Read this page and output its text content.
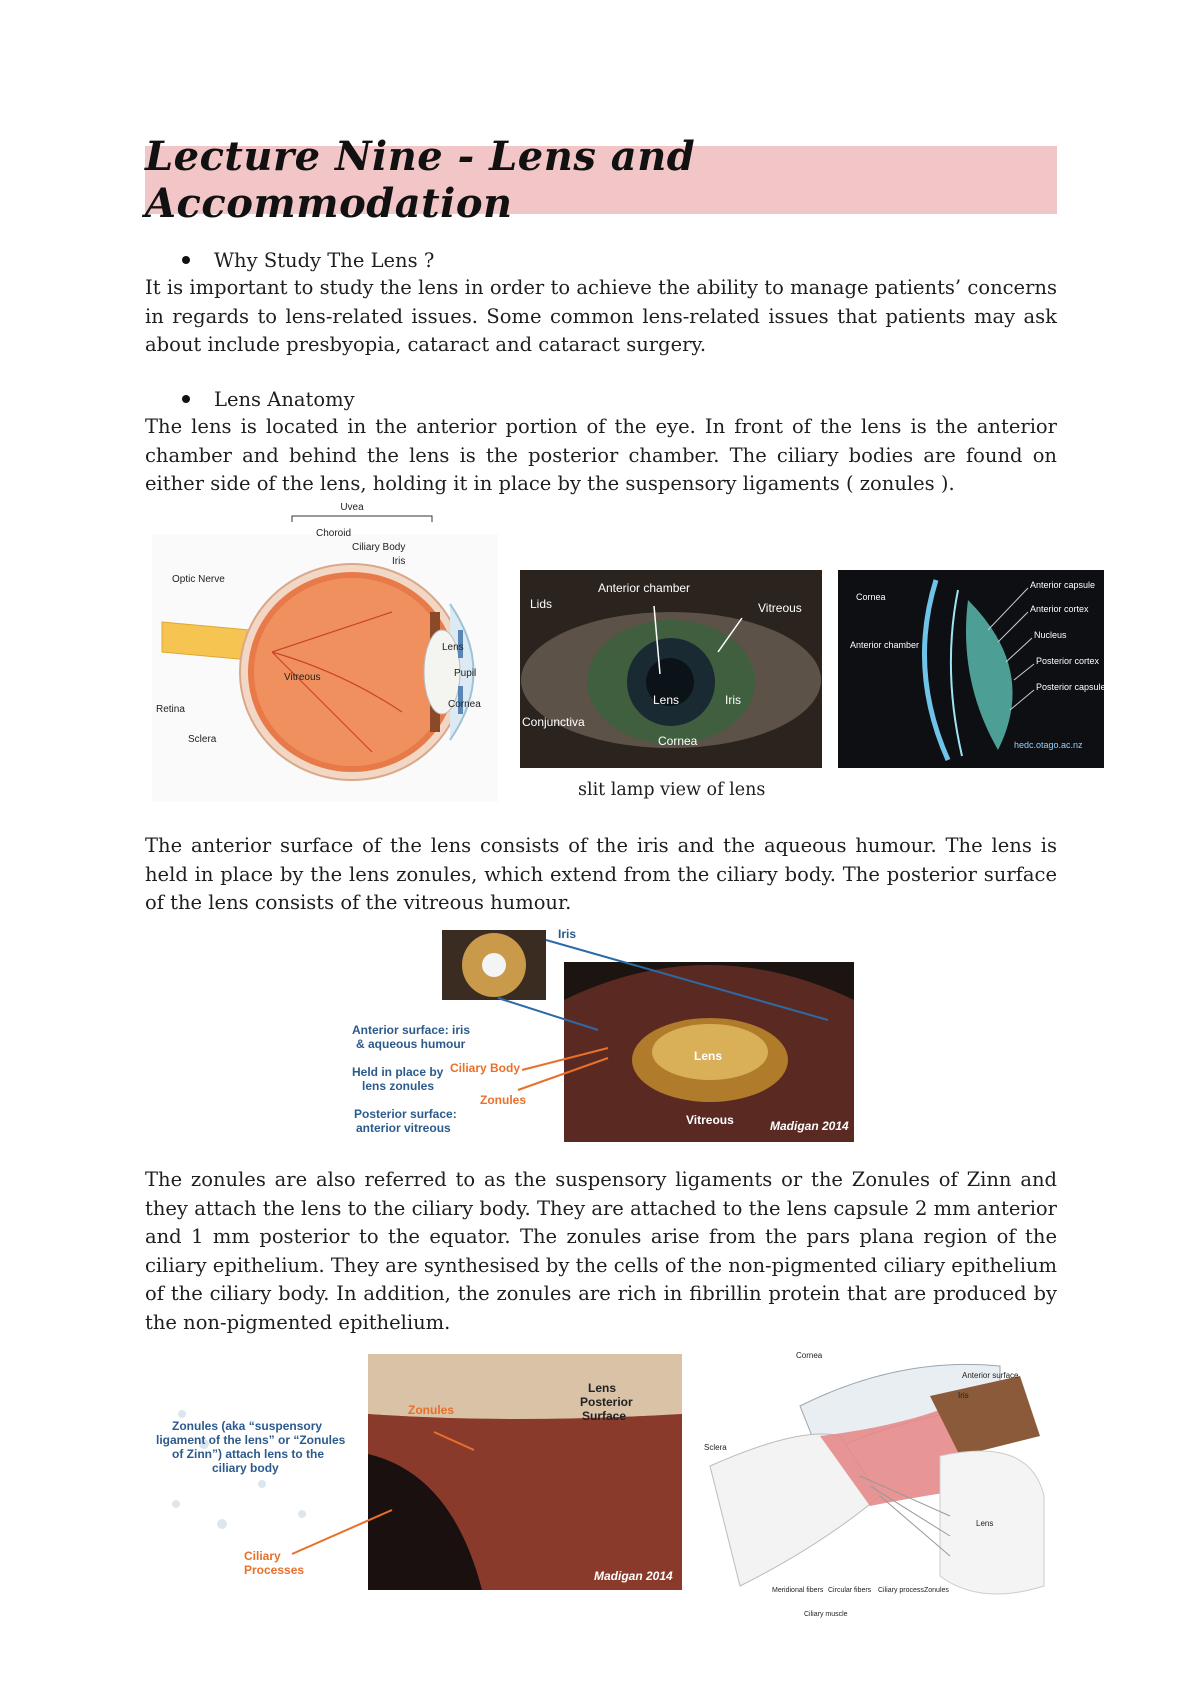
Lecture Nine - Lens and Accommodation
Why Study The Lens ?
It is important to study the lens in order to achieve the ability to manage patients’ concerns in regards to lens-related issues. Some common lens-related issues that patients may ask about include presbyopia, cataract and cataract surgery.
Lens Anatomy
The lens is located in the anterior portion of the eye. In front of the lens is the anterior chamber and behind the lens is the posterior chamber. The ciliary bodies are found on either side of the lens, holding it in place by the suspensory ligaments ( zonules ).
Uvea
Choroid
Ciliary Body
Iris
Optic Nerve
Vitreous
Lens
Pupil
Cornea
Retina
Sclera
Anterior chamber
Lids	Vitreous
Lens	Iris
Conjunctiva
Cornea
Cornea
Anterior chamber
Anterior capsule
Anterior cortex
Nucleus
Posterior cortex
Posterior capsule
hedc.otago.ac.nz
slit lamp view of lens
The anterior surface of the lens consists of the iris and the aqueous humour. The lens is held in place by the lens zonules, which extend from the ciliary body. The posterior surface of the lens consists of the vitreous humour.
Iris
Lens
Vitreous	Madigan 2014
Anterior surface: iris
& aqueous humour
Held in place by
lens zonules
Ciliary Body
Zonules
Posterior surface:
anterior vitreous
The zonules are also referred to as the suspensory ligaments or the Zonules of Zinn and they attach the lens to the ciliary body. They are attached to the lens capsule 2 mm anterior and 1 mm posterior to the equator. The zonules arise from the pars plana region of the ciliary epithelium. They are synthesised by the cells of the non-pigmented ciliary epithelium of the ciliary body. In addition, the zonules are rich in fibrillin protein that are produced by the non-pigmented epithelium.
Zonules (aka “suspensory
ligament of the lens” or “Zonules
of Zinn”) attach lens to the
ciliary body
Zonules
Lens
Posterior
Surface
Ciliary
Processes	Madigan 2014
Cornea
Anterior surface
Iris
Sclera
Lens
Meridional fibers Circular fibers Ciliary process Zonules
Ciliary muscle
